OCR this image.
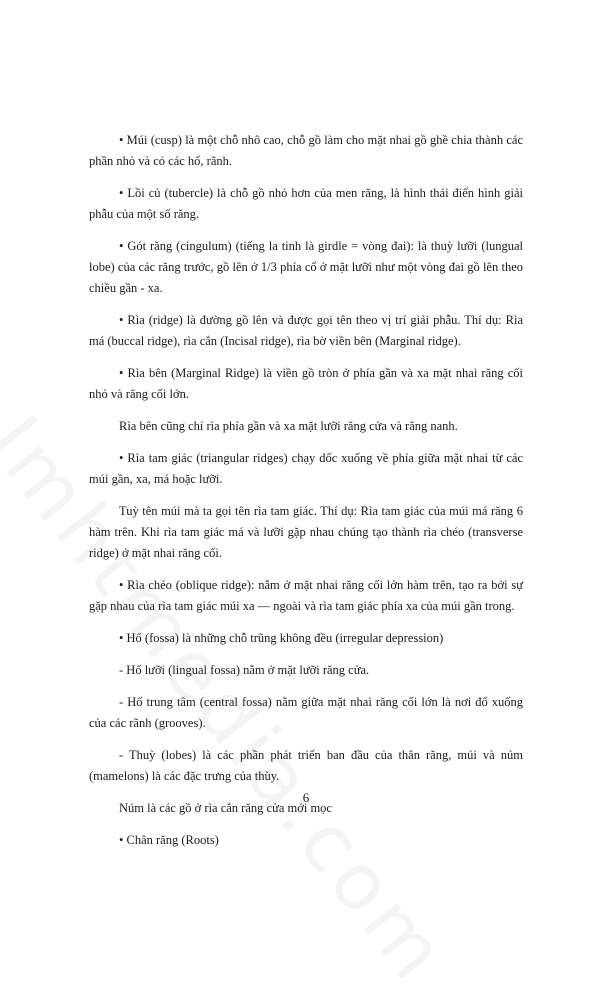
• Múi (cusp) là một chỗ nhô cao, chỗ gồ làm cho mặt nhai gồ ghề chia thành các phần nhỏ và có các hố, rãnh.

• Lồi củ (tubercle) là chỗ gồ nhỏ hơn của men răng, là hình thái điển hình giải phẫu của một số răng.

• Gót răng (cingulum) (tiếng la tinh là girdle = vòng đai): là thuỳ lưỡi (lungual lobe) của các răng trước, gồ lên ở 1/3 phía cổ ở mặt lưỡi như một vòng đai gồ lên theo chiều gần - xa.

• Rìa (ridge) là đường gồ lên và được gọi tên theo vị trí giải phẫu. Thí dụ: Rìa má (buccal ridge), rìa cắn (Incisal ridge), rìa bờ viền bên (Marginal ridge).

• Rìa bên (Marginal Ridge) là viền gồ tròn ở phía gần và xa mặt nhai răng cối nhỏ và răng cối lớn.

Rìa bên cũng chỉ rìa phía gần và xa mặt lưỡi răng cửa và răng nanh.

• Rìa tam giác (triangular ridges) chạy dốc xuống về phía giữa mặt nhai từ các múi gần, xa, má hoặc lưỡi.

Tuỳ tên múi mà ta gọi tên rìa tam giác. Thí dụ: Rìa tam giác của múi má răng 6 hàm trên. Khi rìa tam giác má và lưỡi gặp nhau chúng tạo thành rìa chéo (transverse ridge) ở mặt nhai răng cối.

• Rìa chéo (oblique ridge): nằm ở mặt nhai răng cối lớn hàm trên, tạo ra bởi sự gặp nhau của rìa tam giác múi xa — ngoài và rìa tam giác phía xa của múi gần trong.

• Hố (fossa) là những chỗ trũng không đều (irregular depression)

- Hố lưỡi (lingual fossa) nằm ở mặt lưỡi răng cửa.

- Hố trung tâm (central fossa) nằm giữa mặt nhai răng cối lớn là nơi đổ xuống của các rãnh (grooves).

- Thuỳ (lobes) là các phần phát triển ban đầu của thân răng, múi và núm (mamelons) là các đặc trưng của thùy.

Núm là các gồ ở rìa cắn răng cửa mới mọc

• Chân răng (Roots)

6
